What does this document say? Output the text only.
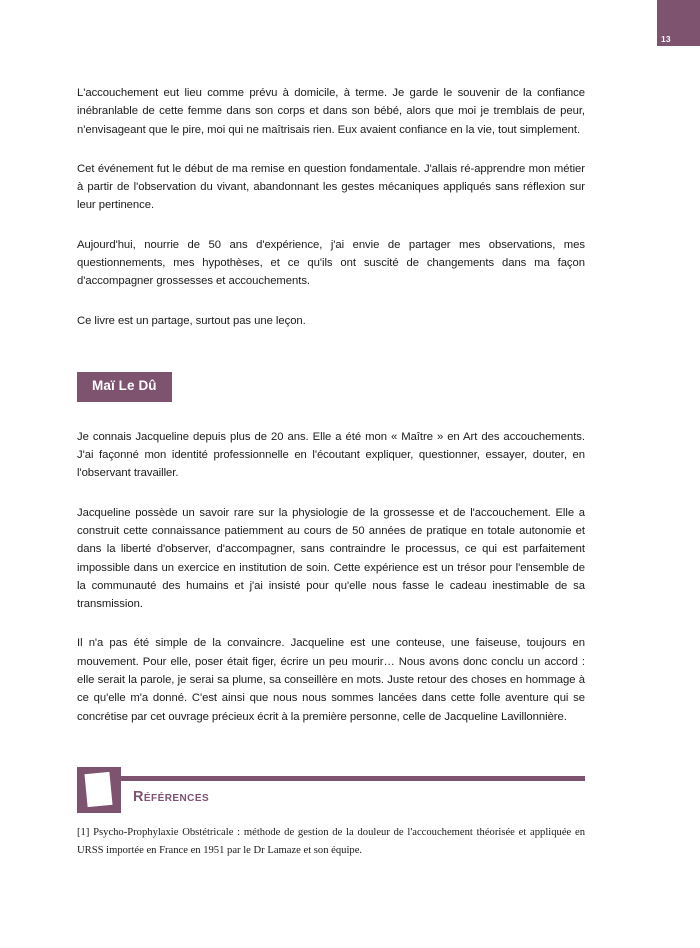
13

L'accouchement eut lieu comme prévu à domicile, à terme. Je garde le souvenir de la confiance inébranlable de cette femme dans son corps et dans son bébé, alors que moi je tremblais de peur, n'envisageant que le pire, moi qui ne maîtrisais rien. Eux avaient confiance en la vie, tout simplement.

Cet événement fut le début de ma remise en question fondamentale. J'allais ré-apprendre mon métier à partir de l'observation du vivant, abandonnant les gestes mécaniques appliqués sans réflexion sur leur pertinence.

Aujourd'hui, nourrie de 50 ans d'expérience, j'ai envie de partager mes observations, mes questionnements, mes hypothèses, et ce qu'ils ont suscité de changements dans ma façon d'accompagner grossesses et accouchements.

Ce livre est un partage, surtout pas une leçon.

Maï Le Dû

Je connais Jacqueline depuis plus de 20 ans. Elle a été mon « Maître » en Art des accouchements. J'ai façonné mon identité professionnelle en l'écoutant expliquer, questionner, essayer, douter, en l'observant travailler.

Jacqueline possède un savoir rare sur la physiologie de la grossesse et de l'accouchement. Elle a construit cette connaissance patiemment au cours de 50 années de pratique en totale autonomie et dans la liberté d'observer, d'accompagner, sans contraindre le processus, ce qui est parfaitement impossible dans un exercice en institution de soin. Cette expérience est un trésor pour l'ensemble de la communauté des humains et j'ai insisté pour qu'elle nous fasse le cadeau inestimable de sa transmission.

Il n'a pas été simple de la convaincre. Jacqueline est une conteuse, une faiseuse, toujours en mouvement. Pour elle, poser était figer, écrire un peu mourir… Nous avons donc conclu un accord : elle serait la parole, je serai sa plume, sa conseillère en mots. Juste retour des choses en hommage à ce qu'elle m'a donné. C'est ainsi que nous nous sommes lancées dans cette folle aventure qui se concrétise par cet ouvrage précieux écrit à la première personne, celle de Jacqueline Lavillonnière.

Références

[1] Psycho-Prophylaxie Obstétricale : méthode de gestion de la douleur de l'accouchement théorisée et appliquée en URSS importée en France en 1951 par le Dr Lamaze et son équipe.
